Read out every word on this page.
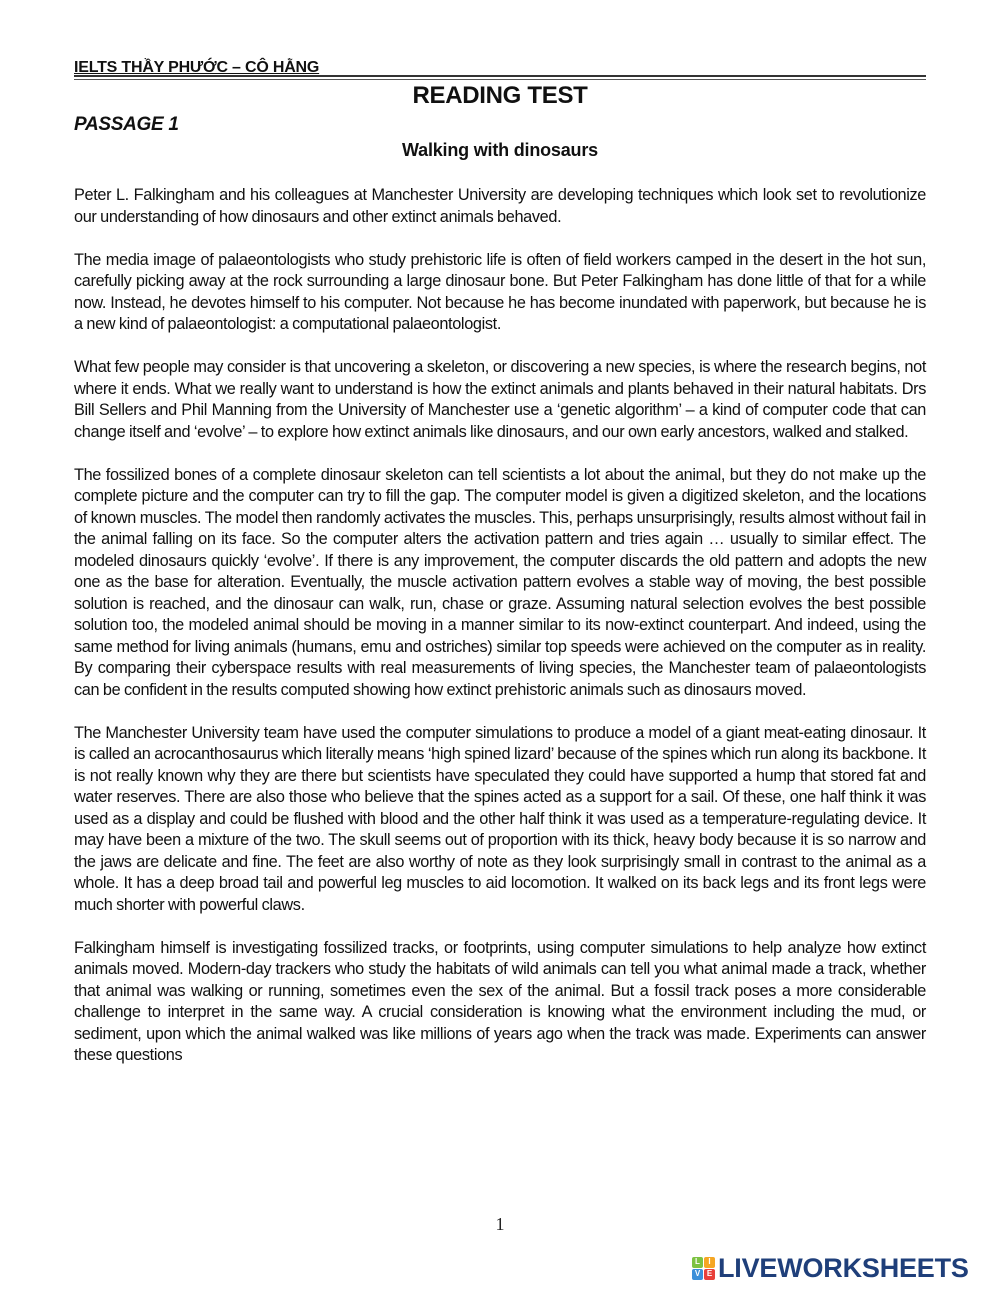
IELTS THẦY PHƯỚC – CÔ HẰNG
READING TEST
PASSAGE 1
Walking with dinosaurs

Peter L. Falkingham and his colleagues at Manchester University are developing techniques which look set to revolutionize our understanding of how dinosaurs and other extinct animals behaved.

The media image of palaeontologists who study prehistoric life is often of field workers camped in the desert in the hot sun, carefully picking away at the rock surrounding a large dinosaur bone. But Peter Falkingham has done little of that for a while now. Instead, he devotes himself to his computer. Not because he has become inundated with paperwork, but because he is a new kind of palaeontologist: a computational palaeontologist.

What few people may consider is that uncovering a skeleton, or discovering a new species, is where the research begins, not where it ends. What we really want to understand is how the extinct animals and plants behaved in their natural habitats. Drs Bill Sellers and Phil Manning from the University of Manchester use a ‘genetic algorithm’ – a kind of computer code that can change itself and ‘evolve’ – to explore how extinct animals like dinosaurs, and our own early ancestors, walked and stalked.

The fossilized bones of a complete dinosaur skeleton can tell scientists a lot about the animal, but they do not make up the complete picture and the computer can try to fill the gap. The computer model is given a digitized skeleton, and the locations of known muscles. The model then randomly activates the muscles. This, perhaps unsurprisingly, results almost without fail in the animal falling on its face. So the computer alters the activation pattern and tries again … usually to similar effect. The modeled dinosaurs quickly ‘evolve’. If there is any improvement, the computer discards the old pattern and adopts the new one as the base for alteration. Eventually, the muscle activation pattern evolves a stable way of moving, the best possible solution is reached, and the dinosaur can walk, run, chase or graze. Assuming natural selection evolves the best possible solution too, the modeled animal should be moving in a manner similar to its now-extinct counterpart. And indeed, using the same method for living animals (humans, emu and ostriches) similar top speeds were achieved on the computer as in reality. By comparing their cyberspace results with real measurements of living species, the Manchester team of palaeontologists can be confident in the results computed showing how extinct prehistoric animals such as dinosaurs moved.

The Manchester University team have used the computer simulations to produce a model of a giant meat-eating dinosaur. It is called an acrocanthosaurus which literally means ‘high spined lizard’ because of the spines which run along its backbone. It is not really known why they are there but scientists have speculated they could have supported a hump that stored fat and water reserves. There are also those who believe that the spines acted as a support for a sail. Of these, one half think it was used as a display and could be flushed with blood and the other half think it was used as a temperature-regulating device. It may have been a mixture of the two. The skull seems out of proportion with its thick, heavy body because it is so narrow and the jaws are delicate and fine. The feet are also worthy of note as they look surprisingly small in contrast to the animal as a whole. It has a deep broad tail and powerful leg muscles to aid locomotion. It walked on its back legs and its front legs were much shorter with powerful claws.

Falkingham himself is investigating fossilized tracks, or footprints, using computer simulations to help analyze how extinct animals moved. Modern-day trackers who study the habitats of wild animals can tell you what animal made a track, whether that animal was walking or running, sometimes even the sex of the animal. But a fossil track poses a more considerable challenge to interpret in the same way. A crucial consideration is knowing what the environment including the mud, or sediment, upon which the animal walked was like millions of years ago when the track was made. Experiments can answer these questions

1
L	I
V E LIVEWORKSHEETS
